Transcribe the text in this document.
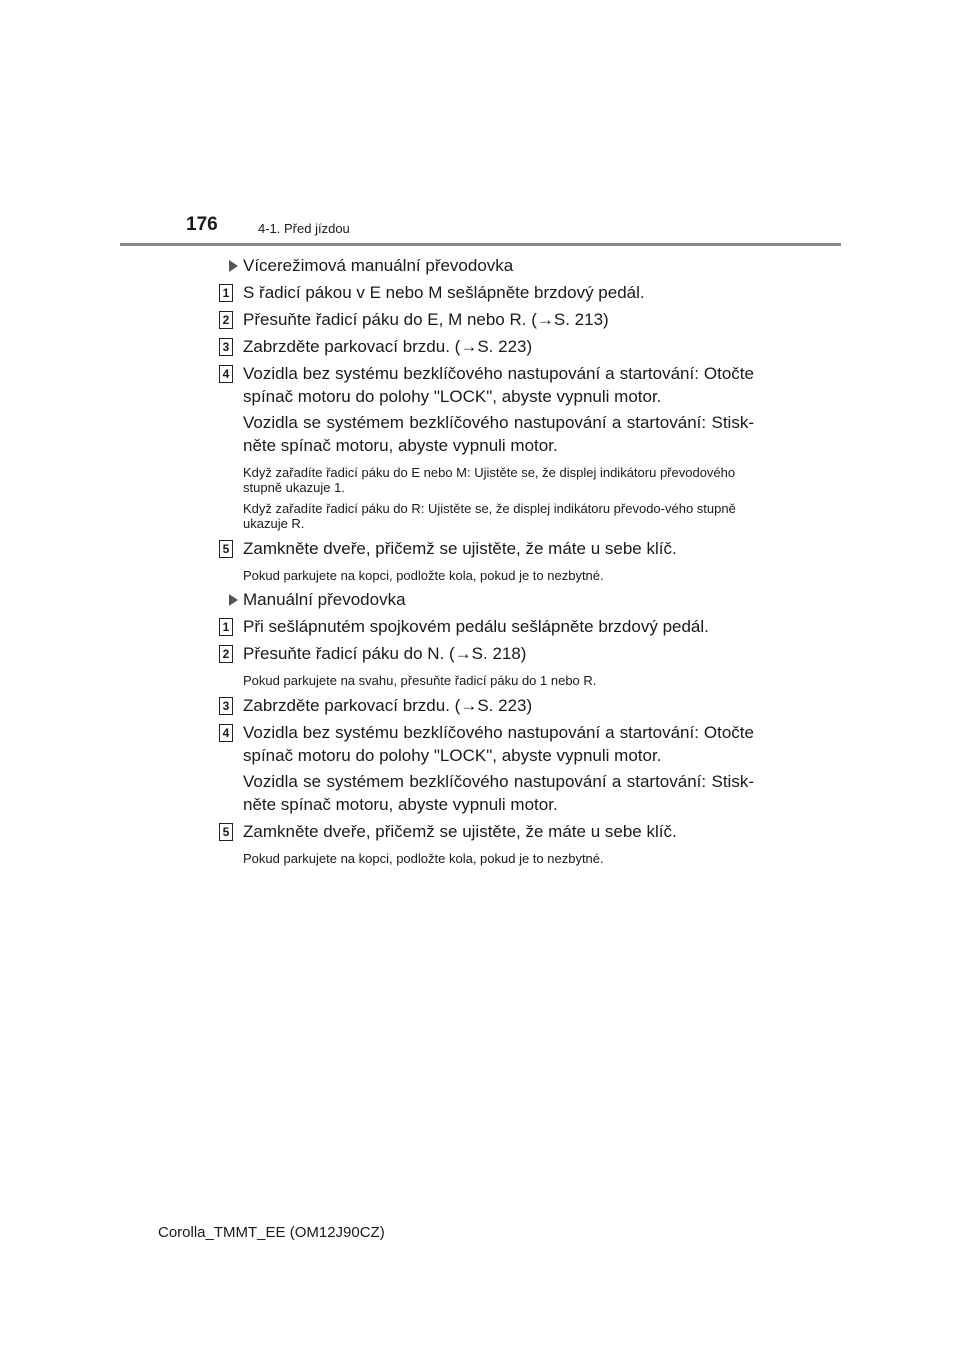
176	4-1. Před jízdou
Vícerežimová manuální převodovka
1 S řadicí pákou v E nebo M sešlápněte brzdový pedál.
2 Přesuňte řadicí páku do E, M nebo R. (→S. 213)
3 Zabrzděte parkovací brzdu. (→S. 223)
4 Vozidla bez systému bezklíčového nastupování a startování: Otočte spínač motoru do polohy "LOCK", abyste vypnuli motor.
Vozidla se systémem bezklíčového nastupování a startování: Stisk-něte spínač motoru, abyste vypnuli motor.
Když zařadíte řadicí páku do E nebo M: Ujistěte se, že displej indikátoru převodového stupně ukazuje 1.
Když zařadíte řadicí páku do R: Ujistěte se, že displej indikátoru převodo-vého stupně ukazuje R.
5 Zamkněte dveře, přičemž se ujistěte, že máte u sebe klíč.
Pokud parkujete na kopci, podložte kola, pokud je to nezbytné.
Manuální převodovka
1 Při sešlápnutém spojkovém pedálu sešlápněte brzdový pedál.
2 Přesuňte řadicí páku do N. (→S. 218)
Pokud parkujete na svahu, přesuňte řadicí páku do 1 nebo R.
3 Zabrzděte parkovací brzdu. (→S. 223)
4 Vozidla bez systému bezklíčového nastupování a startování: Otočte spínač motoru do polohy "LOCK", abyste vypnuli motor.
Vozidla se systémem bezklíčového nastupování a startování: Stisk-něte spínač motoru, abyste vypnuli motor.
5 Zamkněte dveře, přičemž se ujistěte, že máte u sebe klíč.
Pokud parkujete na kopci, podložte kola, pokud je to nezbytné.
Corolla_TMMT_EE (OM12J90CZ)
